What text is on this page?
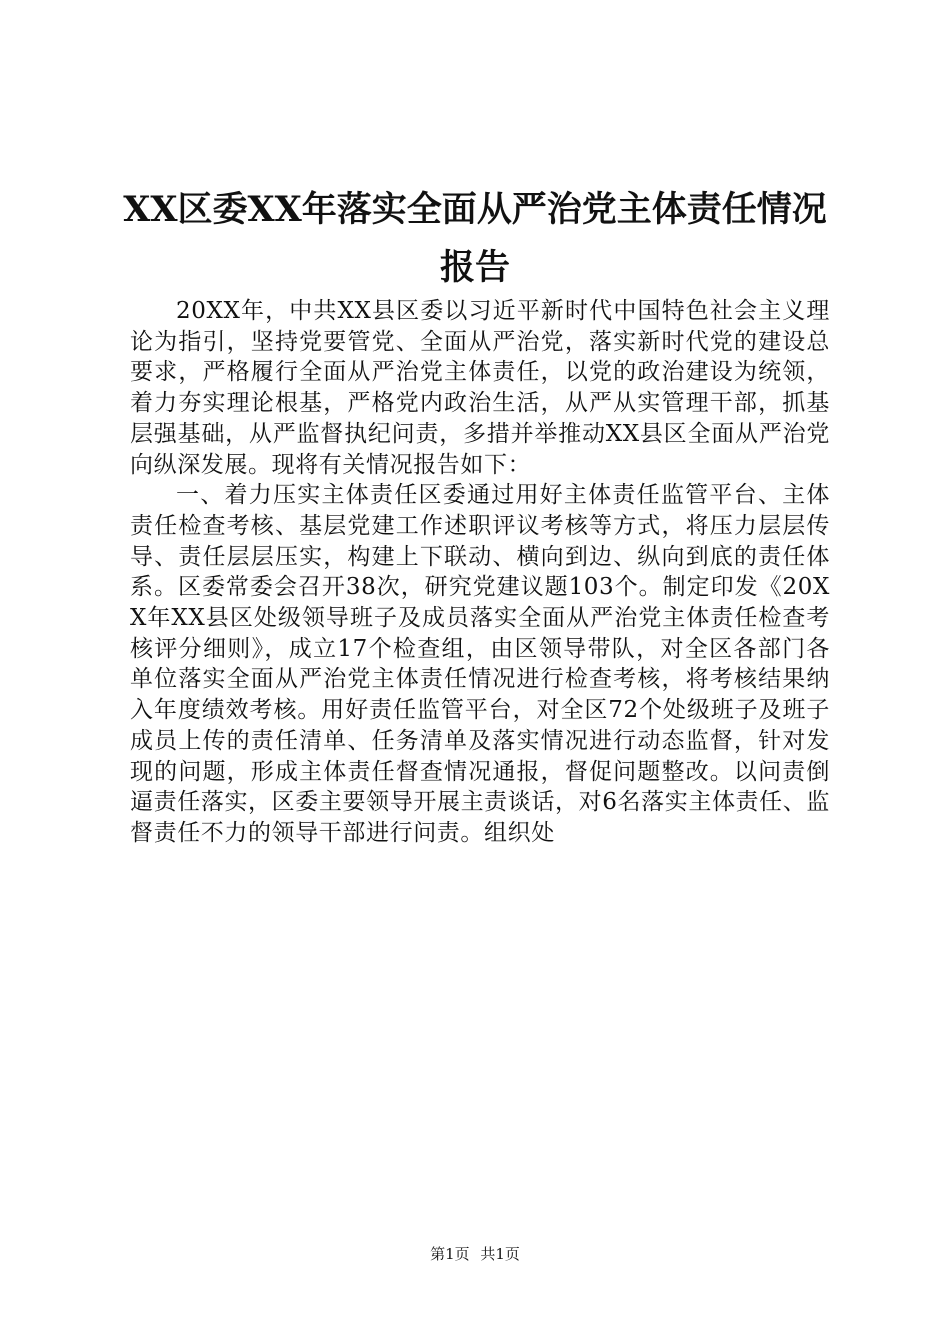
XX区委XX年落实全面从严治党主体责任情况
报告

20XX年，中共XX县区委以习近平新时代中国特色社会主义理论为指引，坚持党要管党、全面从严治党，落实新时代党的建设总要求，严格履行全面从严治党主体责任，以党的政治建设为统领，着力夯实理论根基，严格党内政治生活，从严从实管理干部，抓基层强基础，从严监督执纪问责，多措并举推动XX县区全面从严治党向纵深发展。现将有关情况报告如下：

一、着力压实主体责任区委通过用好主体责任监管平台、主体责任检查考核、基层党建工作述职评议考核等方式，将压力层层传导、责任层层压实，构建上下联动、横向到边、纵向到底的责任体系。区委常委会召开38次，研究党建议题103个。制定印发《20XX年XX县区处级领导班子及成员落实全面从严治党主体责任检查考核评分细则》，成立17个检查组，由区领导带队，对全区各部门各单位落实全面从严治党主体责任情况进行检查考核，将考核结果纳入年度绩效考核。用好责任监管平台，对全区72个处级班子及班子成员上传的责任清单、任务清单及落实情况进行动态监督，针对发现的问题，形成主体责任督查情况通报，督促问题整改。以问责倒逼责任落实，区委主要领导开展主责谈话，对6名落实主体责任、监督责任不力的领导干部进行问责。组织处

第1页 共1页
